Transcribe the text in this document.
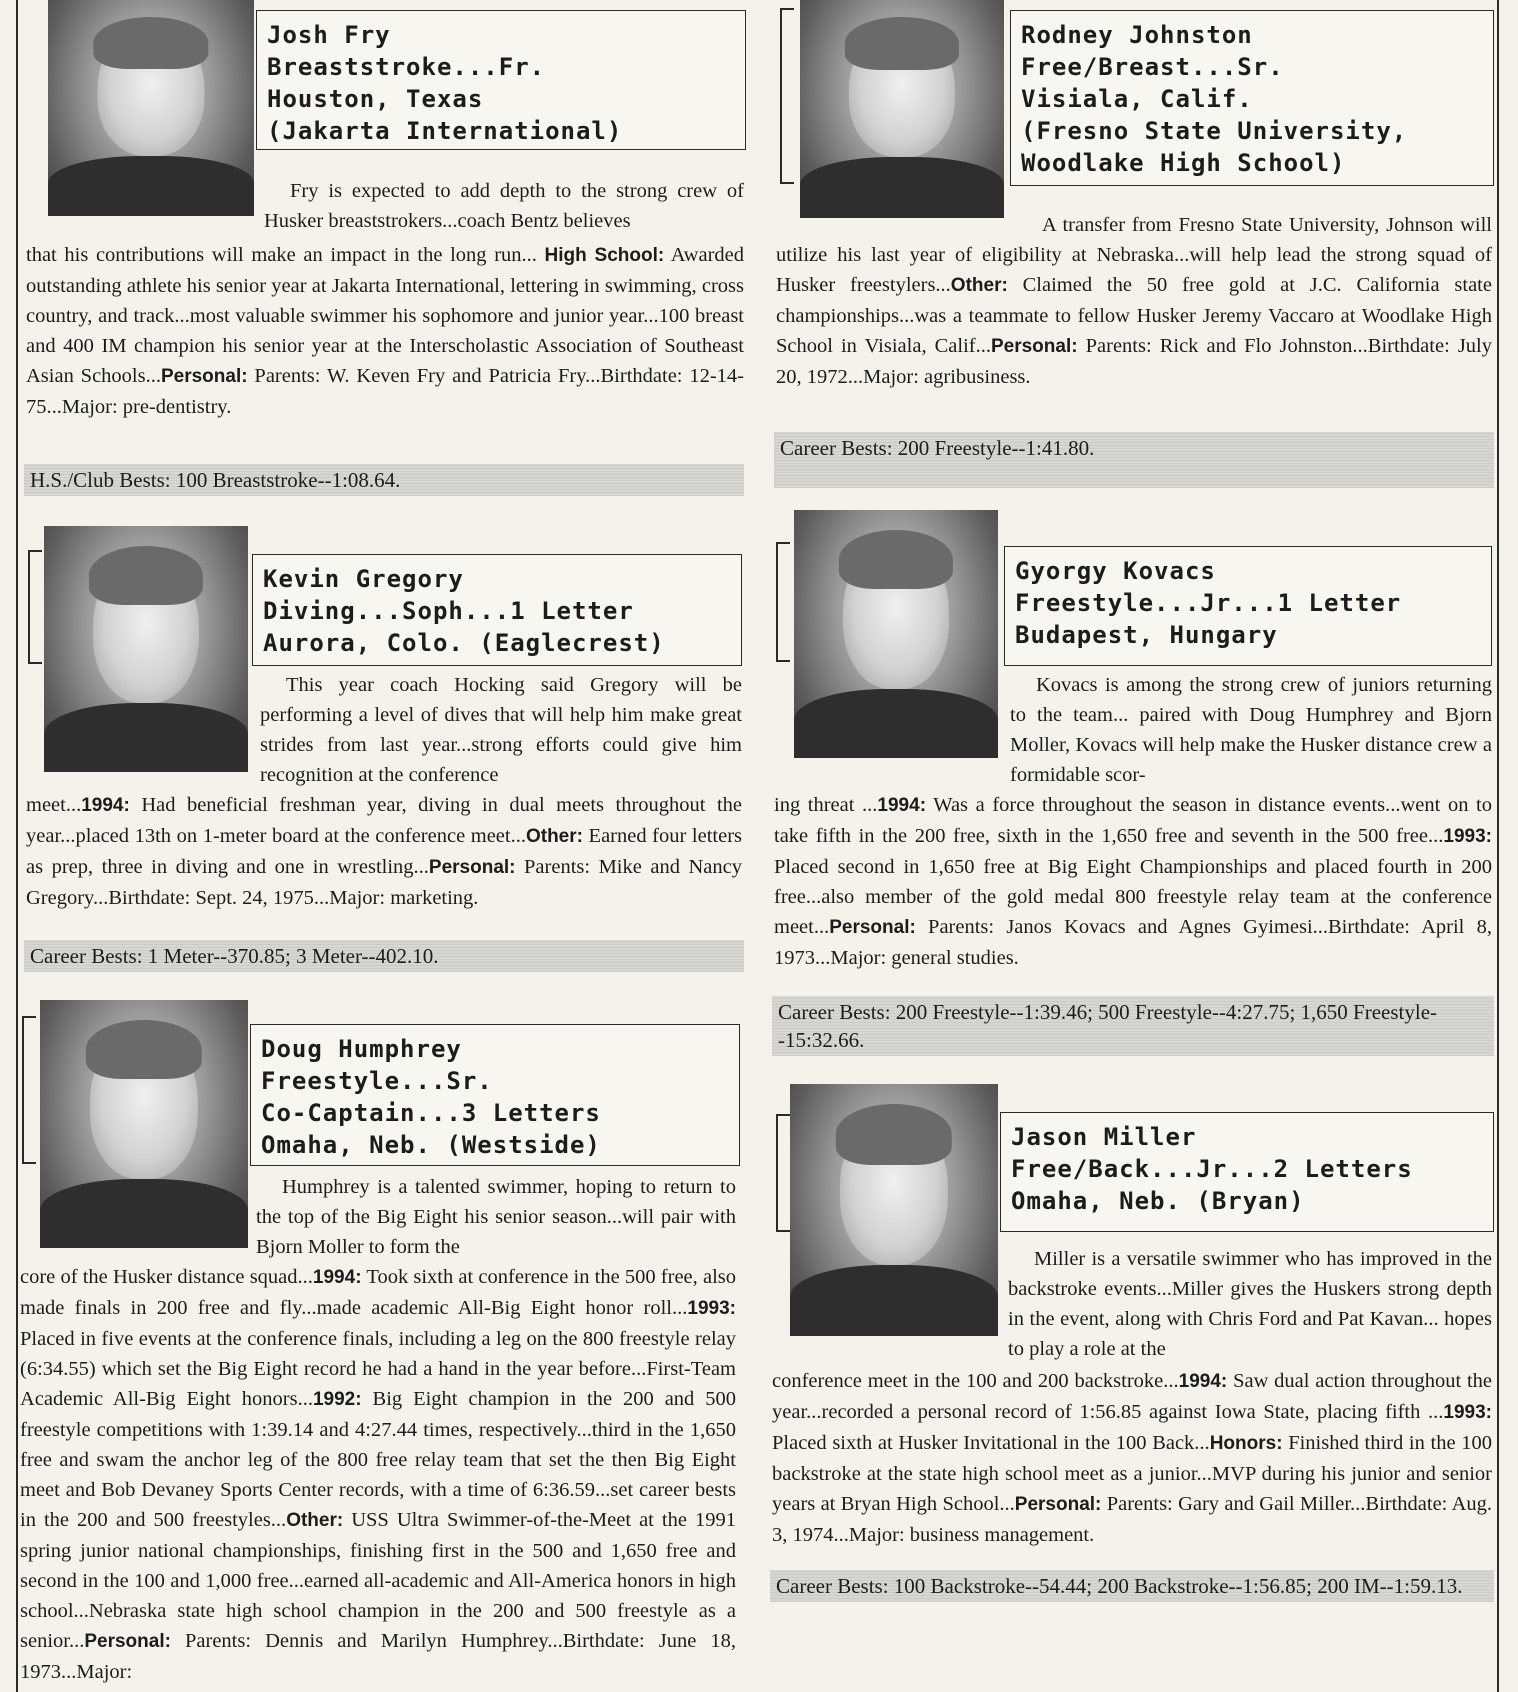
Josh Fry
Breaststroke...Fr.
Houston, Texas
(Jakarta International)

Fry is expected to add depth to the strong crew of Husker breaststrokers...coach Bentz believes

that his contributions will make an impact in the long run... High School: Awarded outstanding athlete his senior year at Jakarta International, lettering in swimming, cross country, and track...most valuable swimmer his sophomore and junior year...100 breast and 400 IM champion his senior year at the Interscholastic Association of Southeast Asian Schools...Personal: Parents: W. Keven Fry and Patricia Fry...Birthdate: 12-14-75...Major: pre-dentistry.

H.S./Club Bests: 100 Breaststroke--1:08.64.
Rodney Johnston
Free/Breast...Sr.
Visiala, Calif.
(Fresno State University,
Woodlake High School)

A transfer from Fresno State University, Johnson will utilize his last year of eligibility at Nebraska...will help lead the strong squad of Husker freestylers...Other: Claimed the 50 free gold at J.C. California state championships...was a teammate to fellow Husker Jeremy Vaccaro at Woodlake High School in Visiala, Calif...Personal: Parents: Rick and Flo Johnston...Birthdate: July 20, 1972...Major: agribusiness.

Career Bests: 200 Freestyle--1:41.80.
Kevin Gregory
Diving...Soph...1 Letter
Aurora, Colo. (Eaglecrest)

This year coach Hocking said Gregory will be performing a level of dives that will help him make great strides from last year...strong efforts could give him recognition at the conference

meet...1994: Had beneficial freshman year, diving in dual meets throughout the year...placed 13th on 1-meter board at the conference meet...Other: Earned four letters as prep, three in diving and one in wrestling...Personal: Parents: Mike and Nancy Gregory...Birthdate: Sept. 24, 1975...Major: marketing.

Career Bests: 1 Meter--370.85; 3 Meter--402.10.
Gyorgy Kovacs
Freestyle...Jr...1 Letter
Budapest, Hungary

Kovacs is among the strong crew of juniors returning to the team... paired with Doug Humphrey and Bjorn Moller, Kovacs will help make the Husker distance crew a formidable scor-

ing threat ...1994: Was a force throughout the season in distance events...went on to take fifth in the 200 free, sixth in the 1,650 free and seventh in the 500 free...1993: Placed second in 1,650 free at Big Eight Championships and placed fourth in 200 free...also member of the gold medal 800 freestyle relay team at the conference meet...Personal: Parents: Janos Kovacs and Agnes Gyimesi...Birthdate: April 8, 1973...Major: general studies.

Career Bests: 200 Freestyle--1:39.46; 500 Freestyle--4:27.75; 1,650 Freestyle--15:32.66.
Doug Humphrey
Freestyle...Sr.
Co-Captain...3 Letters
Omaha, Neb. (Westside)

Humphrey is a talented swimmer, hoping to return to the top of the Big Eight his senior season...will pair with Bjorn Moller to form the

core of the Husker distance squad...1994: Took sixth at conference in the 500 free, also made finals in 200 free and fly...made academic All-Big Eight honor roll...1993: Placed in five events at the conference finals, including a leg on the 800 freestyle relay (6:34.55) which set the Big Eight record he had a hand in the year before...First-Team Academic All-Big Eight honors...1992: Big Eight champion in the 200 and 500 freestyle competitions with 1:39.14 and 4:27.44 times, respectively...third in the 1,650 free and swam the anchor leg of the 800 free relay team that set the then Big Eight meet and Bob Devaney Sports Center records, with a time of 6:36.59...set career bests in the 200 and 500 freestyles...Other: USS Ultra Swimmer-of-the-Meet at the 1991 spring junior national championships, finishing first in the 500 and 1,650 free and second in the 100 and 1,000 free...earned all-academic and All-America honors in high school...Nebraska state high school champion in the 200 and 500 freestyle as a senior...Personal: Parents: Dennis and Marilyn Humphrey...Birthdate: June 18, 1973...Major:

Jason Miller
Free/Back...Jr...2 Letters
Omaha, Neb. (Bryan)

Miller is a versatile swimmer who has improved in the backstroke events...Miller gives the Huskers strong depth in the event, along with Chris Ford and Pat Kavan... hopes to play a role at the

conference meet in the 100 and 200 backstroke...1994: Saw dual action throughout the year...recorded a personal record of 1:56.85 against Iowa State, placing fifth ...1993: Placed sixth at Husker Invitational in the 100 Back...Honors: Finished third in the 100 backstroke at the state high school meet as a junior...MVP during his junior and senior years at Bryan High School...Personal: Parents: Gary and Gail Miller...Birthdate: Aug. 3, 1974...Major: business management.

Career Bests: 100 Backstroke--54.44; 200 Backstroke--1:56.85; 200 IM--1:59.13.
